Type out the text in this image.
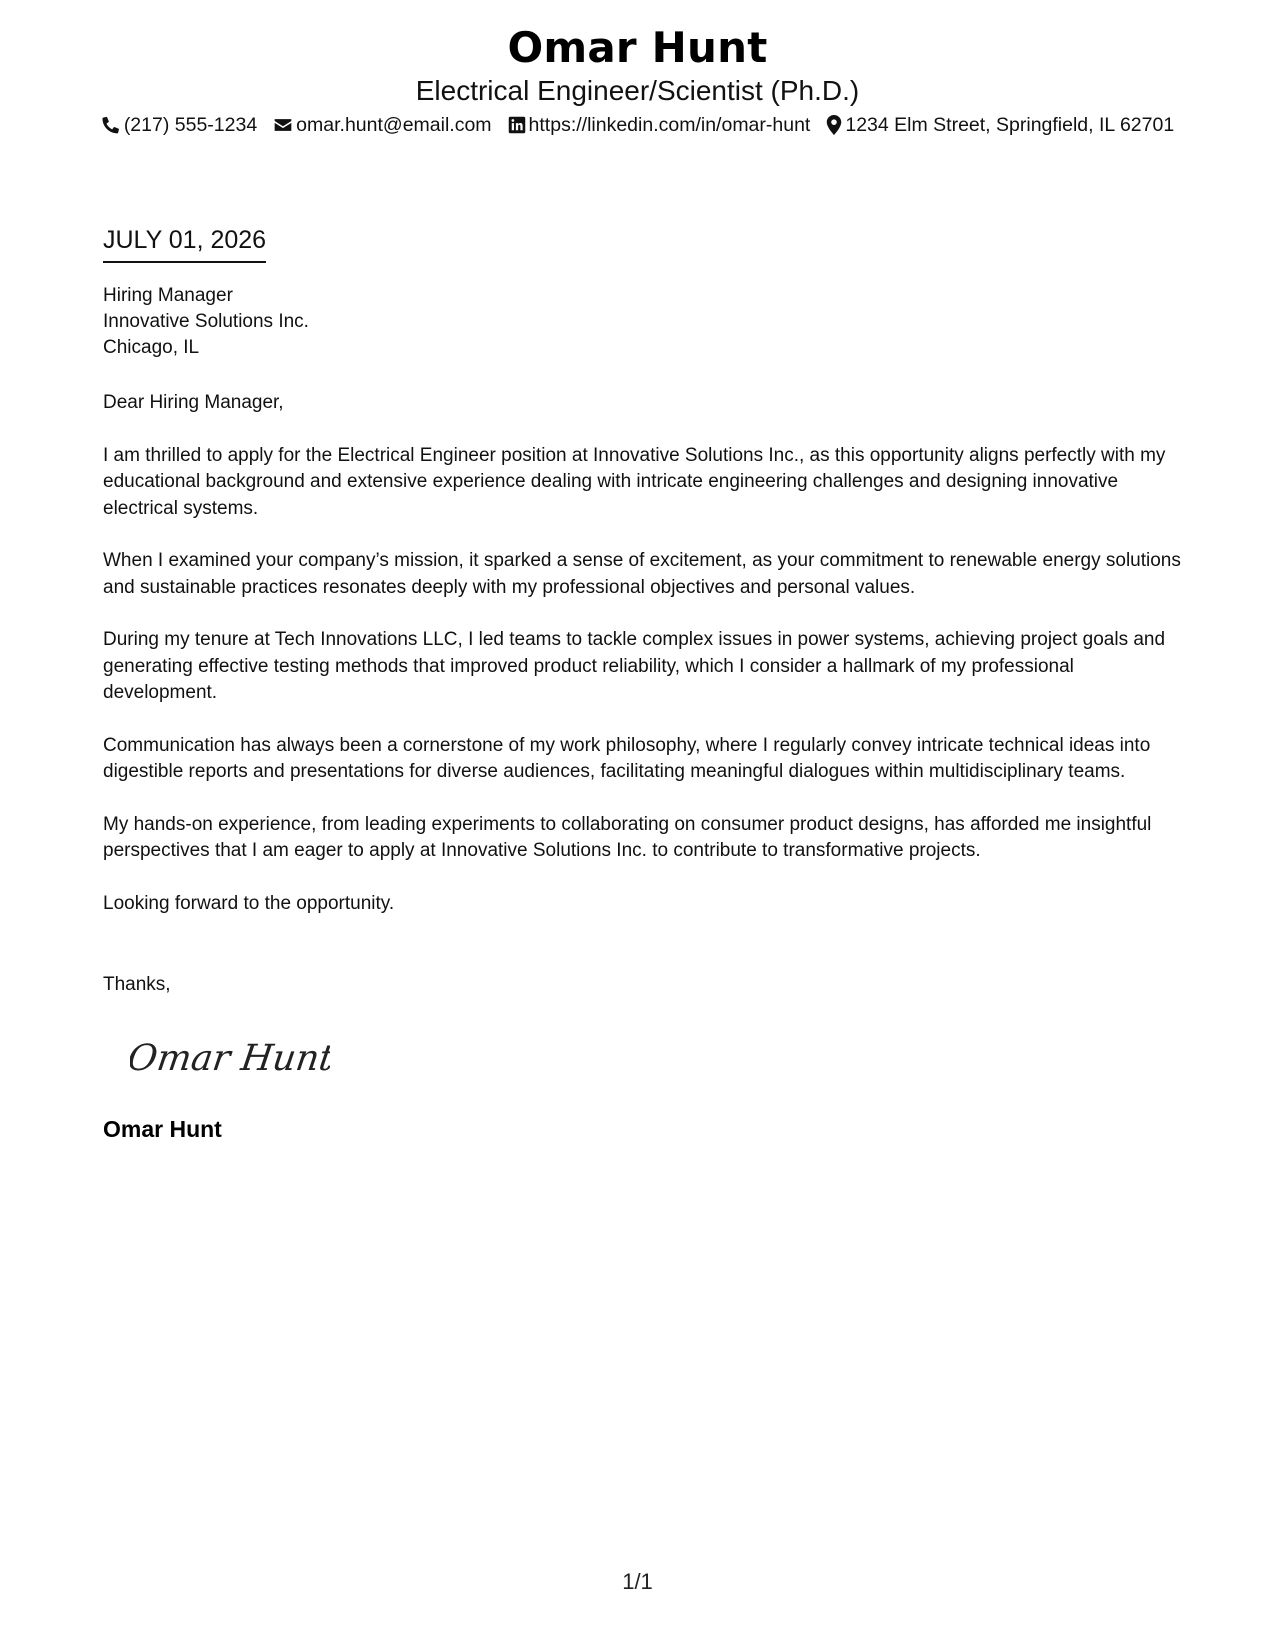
Omar Hunt
Electrical Engineer/Scientist (Ph.D.)
(217) 555-1234 omar.hunt@email.com https://linkedin.com/in/omar-hunt 1234 Elm Street, Springfield, IL 62701
JULY 01, 2026
Hiring Manager
Innovative Solutions Inc.
Chicago, IL

Dear Hiring Manager,

I am thrilled to apply for the Electrical Engineer position at Innovative Solutions Inc., as this opportunity aligns perfectly with my educational background and extensive experience dealing with intricate engineering challenges and designing innovative electrical systems.

When I examined your company’s mission, it sparked a sense of excitement, as your commitment to renewable energy solutions and sustainable practices resonates deeply with my professional objectives and personal values.

During my tenure at Tech Innovations LLC, I led teams to tackle complex issues in power systems, achieving project goals and generating effective testing methods that improved product reliability, which I consider a hallmark of my professional development.

Communication has always been a cornerstone of my work philosophy, where I regularly convey intricate technical ideas into digestible reports and presentations for diverse audiences, facilitating meaningful dialogues within multidisciplinary teams.

My hands-on experience, from leading experiments to collaborating on consumer product designs, has afforded me insightful perspectives that I am eager to apply at Innovative Solutions Inc. to contribute to transformative projects.

Looking forward to the opportunity.

Thanks,
Omar Hunt
Omar Hunt
1/1
